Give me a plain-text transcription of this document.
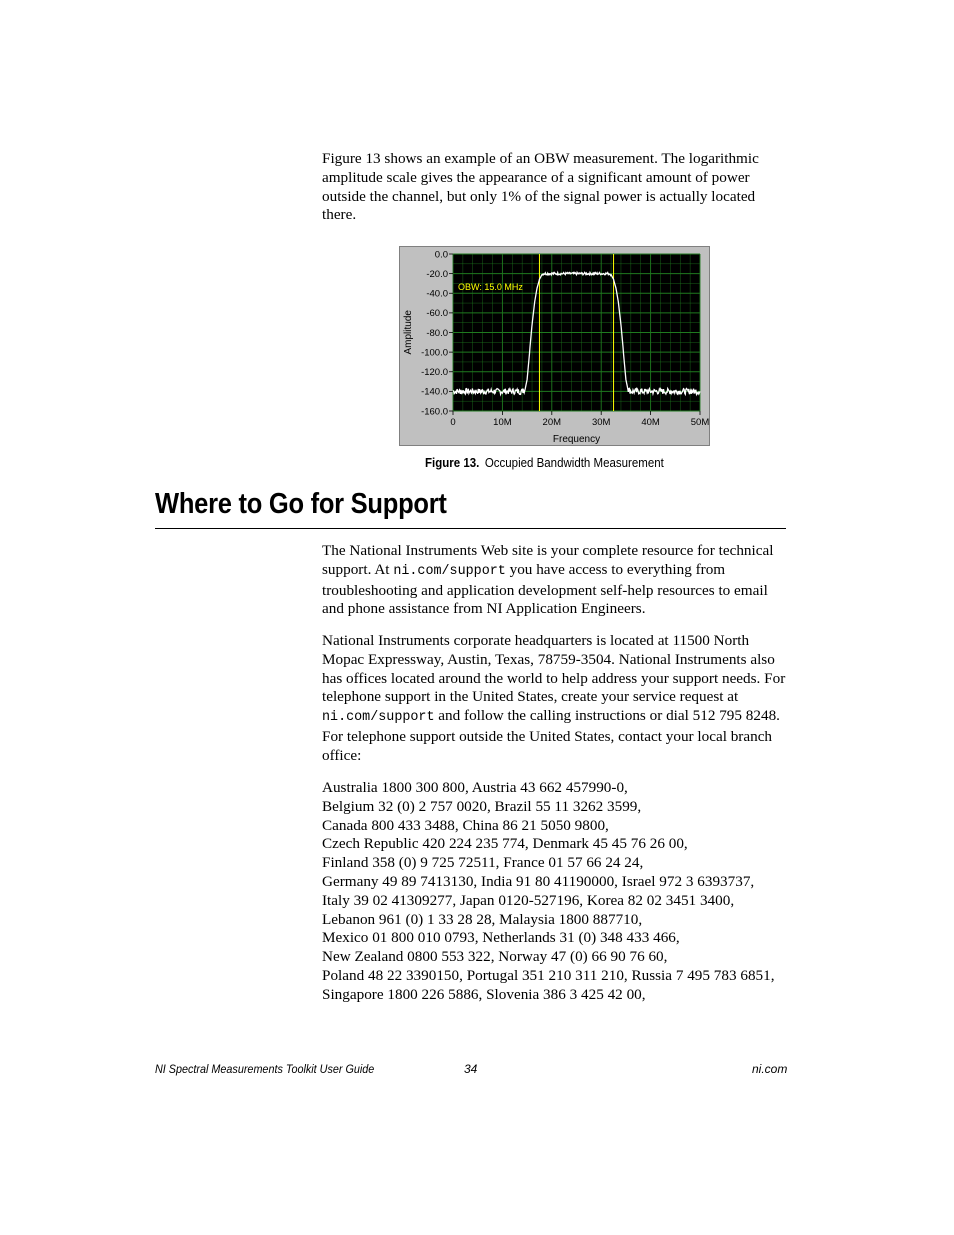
Figure 13 shows an example of an OBW measurement. The logarithmic amplitude scale gives the appearance of a significant amount of power outside the channel, but only 1% of the signal power is actually located there.

0.0
-20.0
-40.0
-60.0
-80.0
-100.0
-120.0
-140.0
-160.0
0	10M	20M	30M	40M	50M
OBW: 15.0 MHz
Amplitude
Frequency
Figure 13. Occupied Bandwidth Measurement
Where to Go for Support

The National Instruments Web site is your complete resource for technical support. At ni.com/support you have access to everything from troubleshooting and application development self-help resources to email and phone assistance from NI Application Engineers.

National Instruments corporate headquarters is located at 11500 North Mopac Expressway, Austin, Texas, 78759-3504. National Instruments also has offices located around the world to help address your support needs. For telephone support in the United States, create your service request at ni.com/support and follow the calling instructions or dial 512 795 8248. For telephone support outside the United States, contact your local branch office:

Australia 1800 300 800, Austria 43 662 457990-0,
Belgium 32 (0) 2 757 0020, Brazil 55 11 3262 3599,
Canada 800 433 3488, China 86 21 5050 9800,
Czech Republic 420 224 235 774, Denmark 45 45 76 26 00,
Finland 358 (0) 9 725 72511, France 01 57 66 24 24,
Germany 49 89 7413130, India 91 80 41190000, Israel 972 3 6393737,
Italy 39 02 41309277, Japan 0120-527196, Korea 82 02 3451 3400,
Lebanon 961 (0) 1 33 28 28, Malaysia 1800 887710,
Mexico 01 800 010 0793, Netherlands 31 (0) 348 433 466,
New Zealand 0800 553 322, Norway 47 (0) 66 90 76 60,
Poland 48 22 3390150, Portugal 351 210 311 210, Russia 7 495 783 6851,
Singapore 1800 226 5886, Slovenia 386 3 425 42 00,
NI Spectral Measurements Toolkit User Guide	34	ni.com
